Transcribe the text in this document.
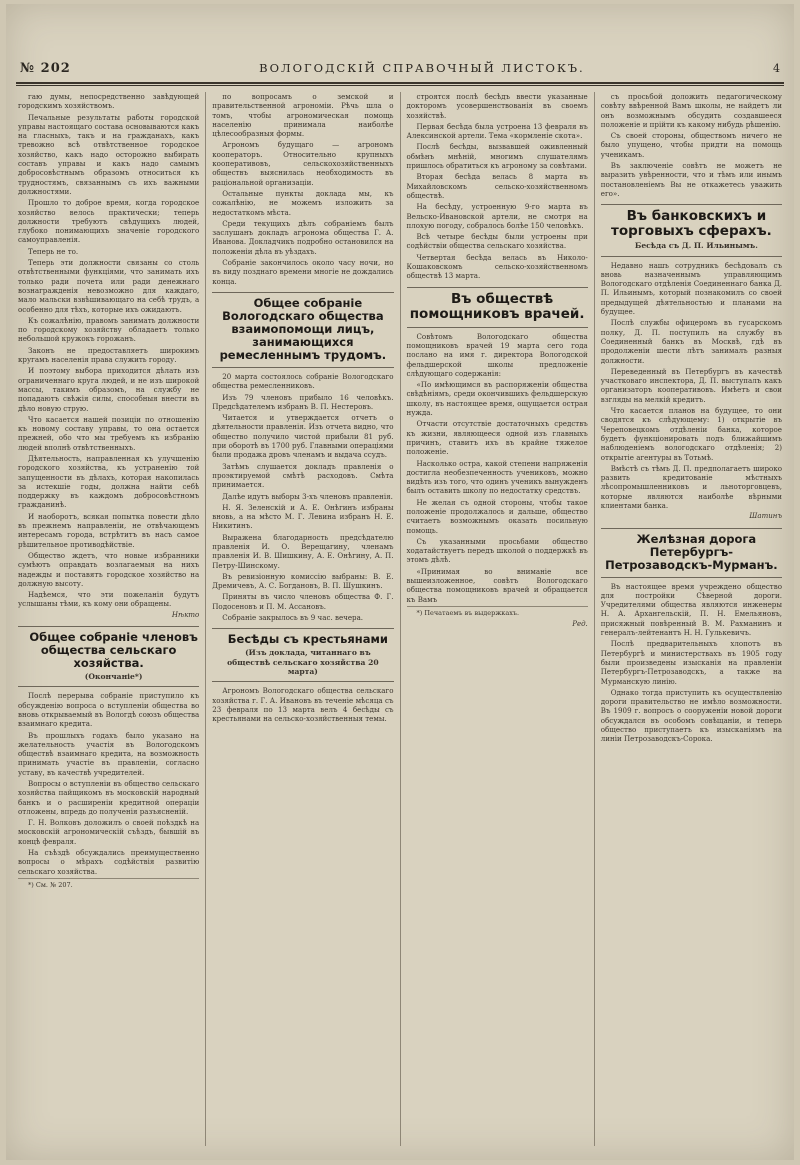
№ 202	ВОЛОГОДСКІЙ СПРАВОЧНЫЙ ЛИСТОКЪ.	4

гаю думы, непосредственно завѣдующей городскимъ хозяйствомъ.

Печальные результаты работы городской управы настоящаго состава основываются какъ на гласныхъ, такъ и на гражданахъ, какъ тревожно всѣ отвѣтственное городское хозяйство, какъ надо осторожно выбирать составъ управы и какъ надо самымъ добросовѣстнымъ образомъ относиться къ трудностямъ, связаннымъ съ ихъ важными должностями.

Прошло то доброе время, когда городское хозяйство велось практически; теперь должности требуютъ свѣдущихъ людей, глубоко понимающихъ значеніе городского самоуправленія.

Теперь не то.

Теперь эти должности связаны со столь отвѣтственными функціями, что занимать ихъ только ради почета или ради денежнаго вознагражденія невозможно для каждаго, мало мальски взвѣшивающаго на себѣ трудъ, а особенно для тѣхъ, которые ихъ ожидаютъ.

Къ сожалѣнію, правомъ занимать должности по городскому хозяйству обладаетъ только небольшой кружокъ горожанъ.

Законъ не предоставляетъ широкимъ кругамъ населенія права служить городу.

И поэтому выбора приходится дѣлать изъ ограниченнаго круга людей, и не изъ широкой массы, такимъ образомъ, на службу не попадаютъ свѣжія силы, способныя внести въ дѣло новую струю.

Что касается нашей позиціи по отношенію къ новому составу управы, то она остается прежней, обо что мы требуемъ къ избранію людей вполнѣ отвѣтственныхъ.

Дѣятельность, направленная къ улучшенію городского хозяйства, къ устраненію той запущенности въ дѣлахъ, которая накопилась за истекшіе годы, должна найти себѣ поддержку въ каждомъ добросовѣстномъ гражданинѣ.

И наоборотъ, всякая попытка повести дѣло въ прежнемъ направленіи, не отвѣчающемъ интересамъ города, встрѣтитъ въ насъ самое рѣшительное противодѣйствіе.

Общество ждетъ, что новые избранники сумѣютъ оправдать возлагаемыя на нихъ надежды и поставятъ городское хозяйство на должную высоту.

Надѣемся, что эти пожеланія будутъ услышаны тѣми, къ кому они обращены.

Нѣкто

Общее собраніе членовъ общества сельскаго хозяйства.

(Окончаніе*)

Послѣ перерыва собраніе приступило къ обсужденію вопроса о вступленіи общества во вновь открываемый въ Вологдѣ союзъ общества взаимнаго кредита.

Въ прошлыхъ годахъ было указано на желательность участія въ Вологодскомъ обществѣ взаимнаго кредита, на возможность принимать участіе въ правленіи, согласно уставу, въ качествѣ учредителей.

Вопросы о вступленіи въ общество сельскаго хозяйства пайщикомъ въ московскій народный банкъ и о расширеніи кредитной операціи отложены, впредь до полученія разъясненій.

Г. Н. Волковъ доложилъ о своей поѣздкѣ на московскій агрономическій съѣздъ, бывшій въ концѣ февраля.

На съѣздѣ обсуждались преимущественно вопросы о мѣрахъ содѣйствія развитію сельскаго хозяйства.

*) См. № 207.

по вопросамъ о земской и правительственной агрономіи. Рѣчь шла о томъ, чтобы агрономическая помощь населенію принимала наиболѣе цѣлесообразныя формы.

Агрономъ будущаго — агрономъ кооператоръ. Относительно крупныхъ кооперативовъ, сельскохозяйственныхъ обществъ выяснилась необходимость въ раціональной организаціи.

Остальные пункты доклада мы, къ сожалѣнію, не можемъ изложить за недостаткомъ мѣста.

Среди текущихъ дѣлъ собраніемъ былъ заслушанъ докладъ агронома общества Г. А. Иванова. Докладчикъ подробно остановился на положеніи дѣла въ уѣздахъ.

Собраніе закончилось около часу ночи, но въ виду позднаго времени многіе не дождались конца.

Общее собраніе Вологодскаго общества взаимопомощи лицъ, занимающихся ремесленнымъ трудомъ.

20 марта состоялось собраніе Вологодскаго общества ремесленниковъ.

Изъ 79 членовъ прибыло 16 человѣкъ. Предсѣдателемъ избранъ В. П. Нестеровъ.

Читается и утверждается отчетъ о дѣятельности правленія. Изъ отчета видно, что общество получило чистой прибыли 81 руб. при оборотѣ въ 1700 руб. Главными операціями были продажа дровъ членамъ и выдача ссудъ.

Затѣмъ слушается докладъ правленія о проэктируемой смѣтѣ расходовъ. Смѣта принимается.

Далѣе идутъ выборы 3-хъ членовъ правленія.

Н. Я. Зеленскій и А. Е. Онѣгинъ избраны вновь, а на мѣсто М. Г. Левина избранъ Н. Е. Никитинъ.

Выражена благодарность предсѣдателю правленія И. О. Верещагину, членамъ правленія И. В. Шишкину, А. Е. Онѣгину, А. П. Петру-Шинскому.

Въ ревизіонную комиссію выбраны: В. Е. Дремичевъ, А. С. Богдановъ, В. П. Шушкинъ.

Приняты въ число членовъ общества Ф. Г. Подосеновъ и П. М. Ассановъ.

Собраніе закрылось въ 9 час. вечера.

Бесѣды съ крестьянами

(Изъ доклада, читаннаго въ обществѣ сельскаго хозяйства 20 марта)

Агрономъ Вологодскаго общества сельскаго хозяйства г. Г. А. Ивановъ въ теченіе мѣсяца съ 23 февраля по 13 марта велъ 4 бесѣды съ крестьянами на сельско-хозяйственныя темы.

строятся послѣ бесѣдъ ввести указанные докторомъ усовершенствованія въ своемъ хозяйствѣ.

Первая бесѣда была устроена 13 февраля въ Алексинской артели. Тема «кормленіе скота».

Послѣ бесѣды, вызвавшей оживленный обмѣнъ мнѣній, многимъ слушателямъ пришлось обратиться къ агроному за совѣтами.

Вторая бесѣда велась 8 марта въ Михайловскомъ сельско-хозяйственномъ обществѣ.

На бесѣду, устроенную 9-го марта въ Вельско-Ивановской артели, не смотря на плохую погоду, собралось болѣе 150 человѣкъ.

Всѣ четыре бесѣды были устроены при содѣйствіи общества сельскаго хозяйства.

Четвертая бесѣда велась въ Николо-Кошаковскомъ сельско-хозяйственномъ обществѣ 13 марта.

Въ обществѣ помощниковъ врачей.

Совѣтомъ Вологодскаго общества помощниковъ врачей 19 марта сего года послано на имя г. директора Вологодской фельдшерской школы предложеніе слѣдующаго содержанія:

«По имѣющимся въ распоряженіи общества свѣдѣніямъ, среди окончившихъ фельдшерскую школу, въ настоящее время, ощущается острая нужда.

Отчасти отсутствіе достаточныхъ средствъ къ жизни, являющееся одной изъ главныхъ причинъ, ставитъ ихъ въ крайне тяжелое положеніе.

Насколько остра, какой степени напряженія достигла необезпеченность учениковъ, можно видѣть изъ того, что одинъ ученикъ вынужденъ былъ оставить школу по недостатку средствъ.

Не желая съ одной стороны, чтобы такое положеніе продолжалось и дальше, общество считаетъ возможнымъ оказать посильную помощь.

Съ указанными просьбами общество ходатайствуетъ передъ школой о поддержкѣ въ этомъ дѣлѣ.

«Принимая во вниманіе все вышеизложенное, совѣтъ Вологодскаго общества помощниковъ врачей и обращается къ Вамъ

*) Печатаемъ въ выдержкахъ.

Ред.

съ просьбой доложить педагогическому совѣту ввѣренной Вамъ школы, не найдетъ ли онъ возможнымъ обсудить создавшееся положеніе и прійти къ какому нибудь рѣшенію.

Съ своей стороны, обществомъ ничего не было упущено, чтобы придти на помощь ученикамъ.

Въ заключеніе совѣтъ не можетъ не выразить увѣренности, что и тѣмъ или инымъ постановленіемъ Вы не откажетесь уважить его».

Въ банковскихъ и торговыхъ сферахъ.

Бесѣда съ Д. П. Ильинымъ.

Недавно нашъ сотрудникъ бесѣдовалъ съ вновь назначеннымъ управляющимъ Вологодскаго отдѣленія Соединеннаго банка Д. П. Ильинымъ, который познакомилъ со своей предыдущей дѣятельностью и планами на будущее.

Послѣ службы офицеромъ въ гусарскомъ полку, Д. П. поступилъ на службу въ Соединенный банкъ въ Москвѣ, гдѣ въ продолженіи шести лѣтъ занималъ разныя должности.

Переведенный въ Петербургъ въ качествѣ участковаго инспектора, Д. П. выступалъ какъ организаторъ кооперативовъ. Имѣетъ и свои взгляды на мелкій кредитъ.

Что касается планов на будущее, то они сводятся къ слѣдующему: 1) открытіе въ Череповецкомъ отдѣленіи банка, которое будетъ функціонировать подъ ближайшимъ наблюденіемъ вологодскаго отдѣленія; 2) открытіе агентуры въ Тотьмѣ.

Вмѣстѣ съ тѣмъ Д. П. предполагаетъ широко развить кредитованіе мѣстныхъ лѣсопромышленниковъ и льноторговцевъ, которые являются наиболѣе вѣрными клиентами банка.

Шатинъ

Желѣзная дорога Петербургъ-Петрозаводскъ-Мурманъ.

Въ настоящее время учреждено общество для постройки Сѣверной дороги. Учредителями общества являются инженеры Н. А. Архангельскій, П. Н. Емельяновъ, присяжный повѣренный В. М. Рахманинъ и генералъ-лейтенантъ Н. Н. Гулькевичъ.

Послѣ предварительныхъ хлопотъ въ Петербургѣ и министерствахъ въ 1905 году были произведены изысканія на правленіи Петербургъ-Петрозаводскъ, а также на Мурманскую линію.

Однако тогда приступить къ осуществленію дороги правительство не имѣло возможности. Въ 1909 г. вопросъ о сооруженіи новой дороги обсуждался въ особомъ совѣщаніи, и теперь общество приступаетъ къ изысканіямъ на линіи Петрозаводскъ-Сорока.
